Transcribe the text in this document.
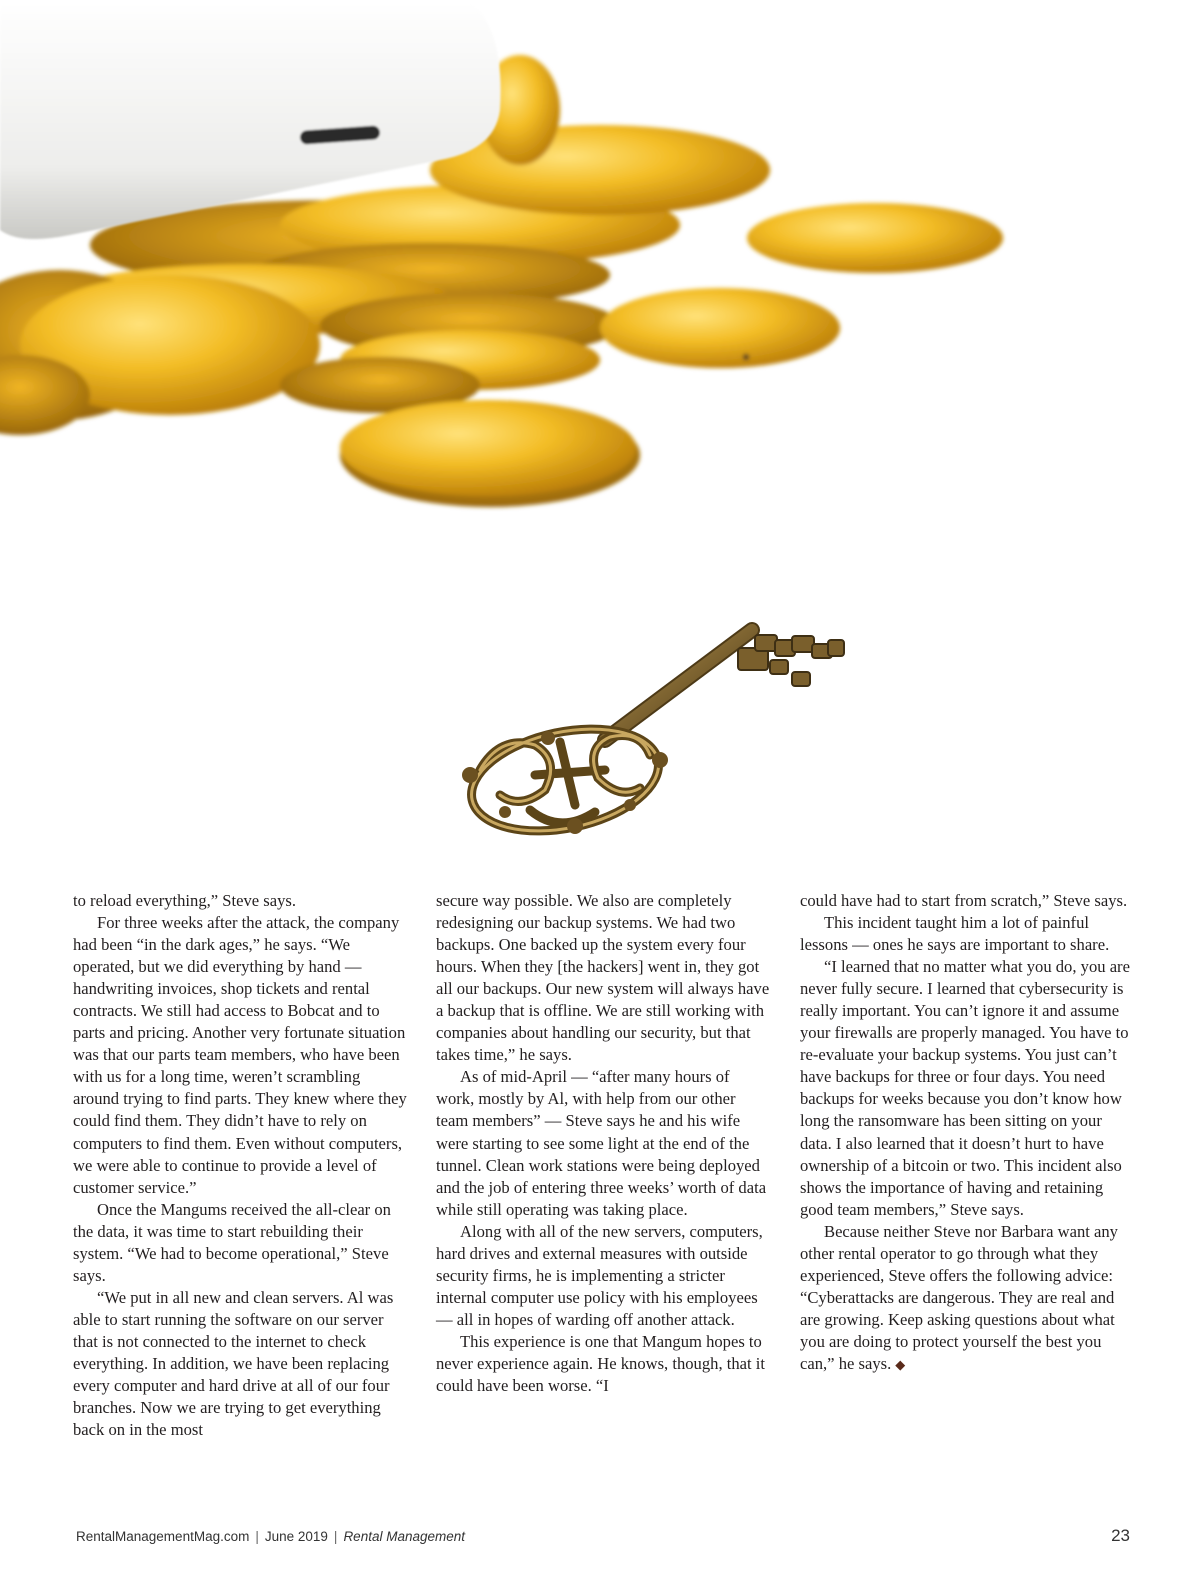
to reload everything,” Steve says.

For three weeks after the attack, the company had been “in the dark ages,” he says. “We operated, but we did everything by hand — handwriting invoices, shop tickets and rental contracts. We still had access to Bobcat and to parts and pricing. Another very fortunate situation was that our parts team members, who have been with us for a long time, weren’t scrambling around trying to find parts. They knew where they could find them. They didn’t have to rely on computers to find them. Even without computers, we were able to continue to provide a level of customer service.”

Once the Mangums received the all-clear on the data, it was time to start rebuilding their system. “We had to become operational,” Steve says.

“We put in all new and clean servers. Al was able to start running the software on our server that is not connected to the internet to check everything. In addition, we have been replacing every computer and hard drive at all of our four branches. Now we are trying to get everything back on in the most

secure way possible. We also are completely redesigning our backup systems. We had two backups. One backed up the system every four hours. When they [the hackers] went in, they got all our backups. Our new system will always have a backup that is offline. We are still working with companies about handling our security, but that takes time,” he says.

As of mid-April — “after many hours of work, mostly by Al, with help from our other team members” — Steve says he and his wife were starting to see some light at the end of the tunnel. Clean work stations were being deployed and the job of entering three weeks’ worth of data while still operating was taking place.

Along with all of the new servers, computers, hard drives and external measures with outside security firms, he is implementing a stricter internal computer use policy with his employees — all in hopes of warding off another attack.

This experience is one that Mangum hopes to never experience again. He knows, though, that it could have been worse. “I

could have had to start from scratch,” Steve says.

This incident taught him a lot of painful lessons — ones he says are important to share.

“I learned that no matter what you do, you are never fully secure. I learned that cybersecurity is really important. You can’t ignore it and assume your firewalls are properly managed. You have to re-evaluate your backup systems. You just can’t have backups for three or four days. You need backups for weeks because you don’t know how long the ransomware has been sitting on your data. I also learned that it doesn’t hurt to have ownership of a bitcoin or two. This incident also shows the importance of having and retaining good team members,” Steve says.

Because neither Steve nor Barbara want any other rental operator to go through what they experienced, Steve offers the following advice: “Cyberattacks are dangerous. They are real and are growing. Keep asking questions about what you are doing to protect yourself the best you can,” he says. ◆

RentalManagementMag.com | June 2019 | Rental Management	23
